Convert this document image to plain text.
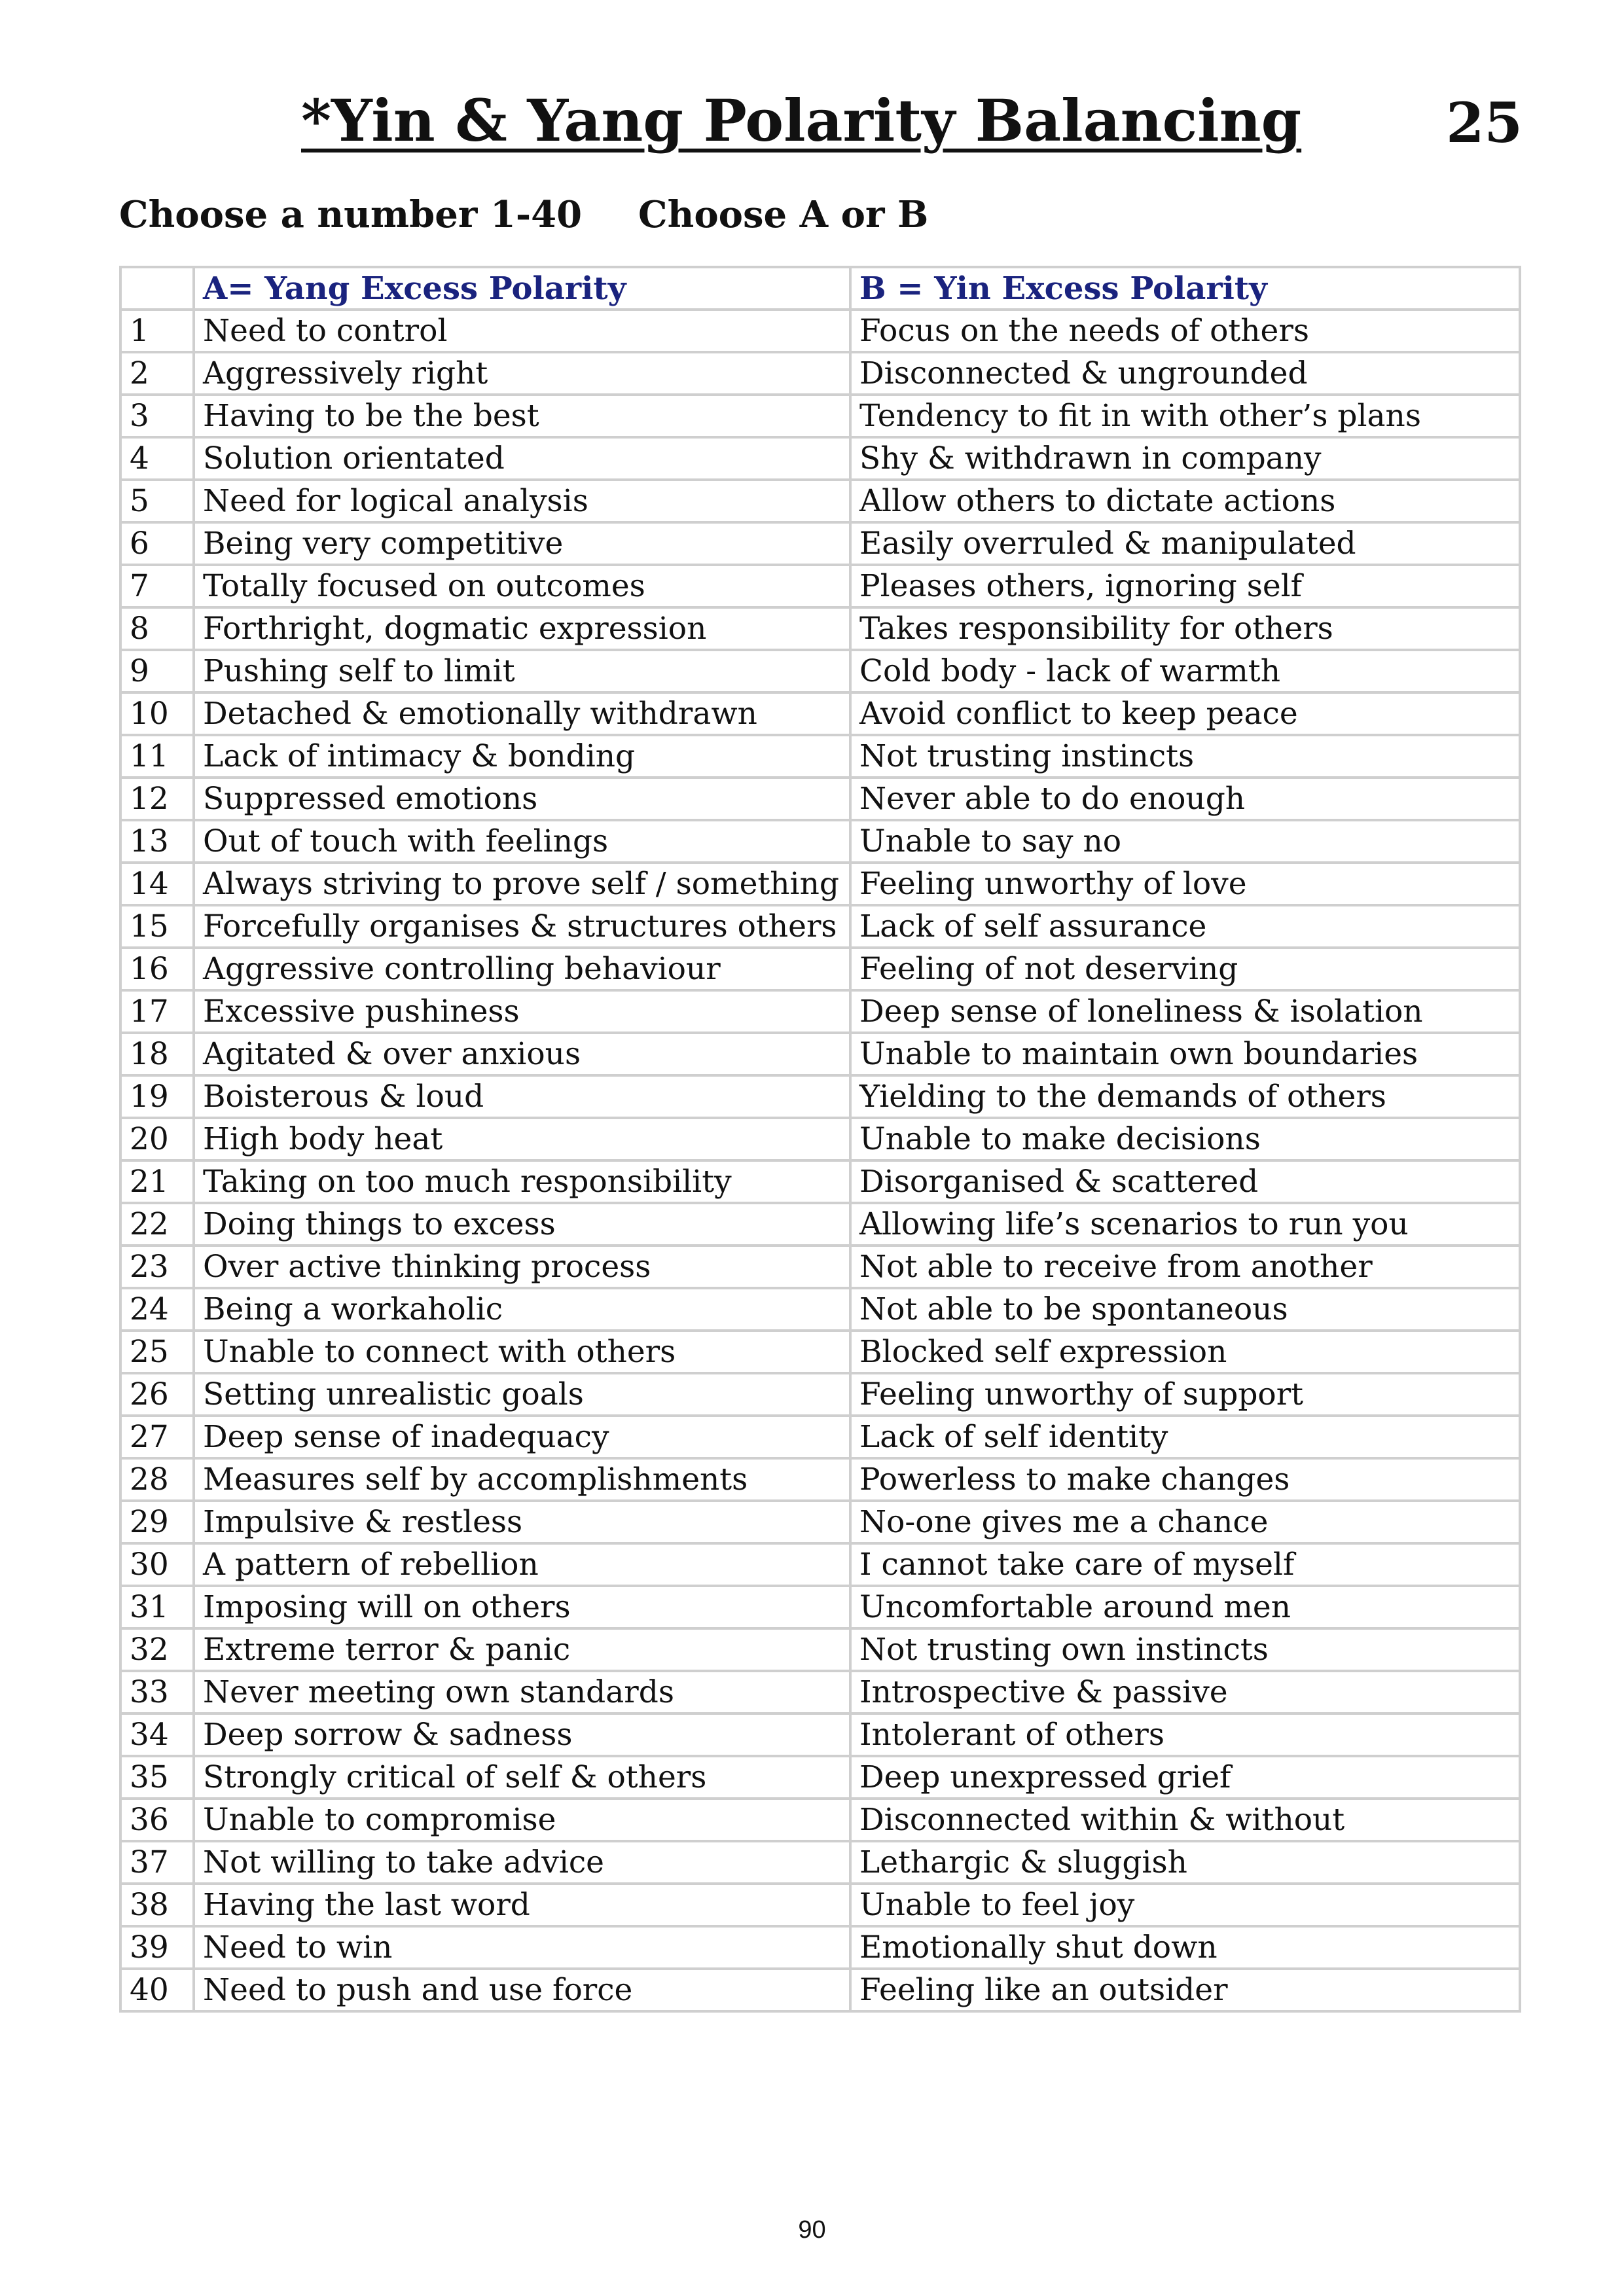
*Yin & Yang Polarity Balancing	25
Choose a number 1-40 Choose A or B
	A= Yang Excess Polarity	B = Yin Excess Polarity
1	Need to control	Focus on the needs of others
2	Aggressively right	Disconnected & ungrounded
3	Having to be the best	Tendency to fit in with other’s plans
4	Solution orientated	Shy & withdrawn in company
5	Need for logical analysis	Allow others to dictate actions
6	Being very competitive	Easily overruled & manipulated
7	Totally focused on outcomes	Pleases others, ignoring self
8	Forthright, dogmatic expression	Takes responsibility for others
9	Pushing self to limit	Cold body - lack of warmth
10	Detached & emotionally withdrawn	Avoid conflict to keep peace
11	Lack of intimacy & bonding	Not trusting instincts
12	Suppressed emotions	Never able to do enough
13	Out of touch with feelings	Unable to say no
14	Always striving to prove self / something	Feeling unworthy of love
15	Forcefully organises & structures others	Lack of self assurance
16	Aggressive controlling behaviour	Feeling of not deserving
17	Excessive pushiness	Deep sense of loneliness & isolation
18	Agitated & over anxious	Unable to maintain own boundaries
19	Boisterous & loud	Yielding to the demands of others
20	High body heat	Unable to make decisions
21	Taking on too much responsibility	Disorganised & scattered
22	Doing things to excess	Allowing life’s scenarios to run you
23	Over active thinking process	Not able to receive from another
24	Being a workaholic	Not able to be spontaneous
25	Unable to connect with others	Blocked self expression
26	Setting unrealistic goals	Feeling unworthy of support
27	Deep sense of inadequacy	Lack of self identity
28	Measures self by accomplishments	Powerless to make changes
29	Impulsive & restless	No-one gives me a chance
30	A pattern of rebellion	I cannot take care of myself
31	Imposing will on others	Uncomfortable around men
32	Extreme terror & panic	Not trusting own instincts
33	Never meeting own standards	Introspective & passive
34	Deep sorrow & sadness	Intolerant of others
35	Strongly critical of self & others	Deep unexpressed grief
36	Unable to compromise	Disconnected within & without
37	Not willing to take advice	Lethargic & sluggish
38	Having the last word	Unable to feel joy
39	Need to win	Emotionally shut down
40	Need to push and use force	Feeling like an outsider
90
